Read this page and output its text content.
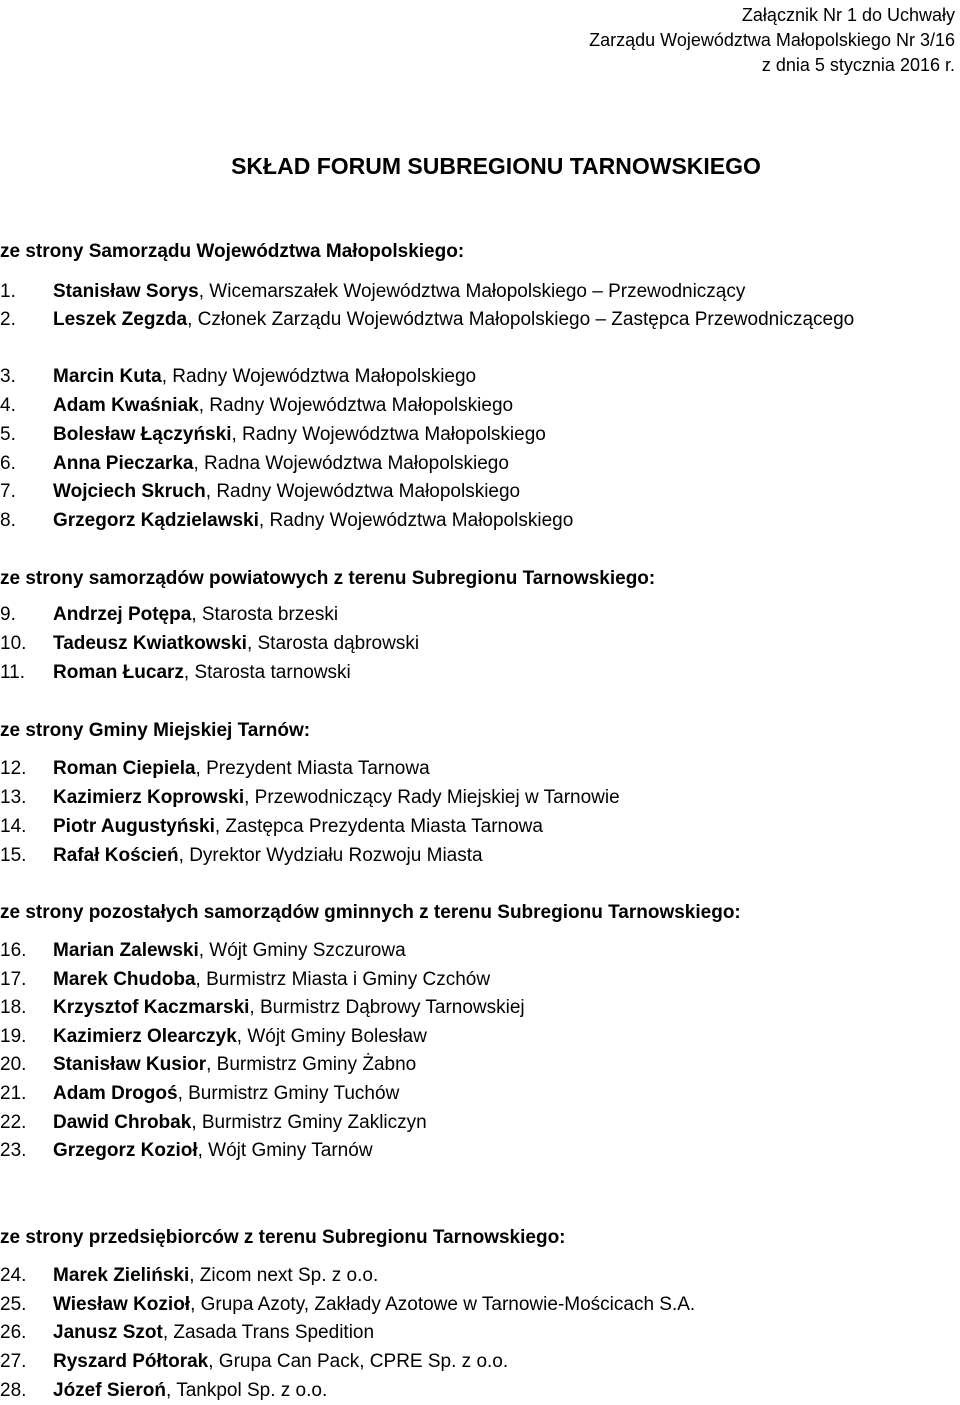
Załącznik Nr 1 do Uchwały
Zarządu Województwa Małopolskiego Nr 3/16
z dnia 5 stycznia 2016 r.
SKŁAD FORUM SUBREGIONU TARNOWSKIEGO
ze strony Samorządu Województwa Małopolskiego:
1. Stanisław Sorys, Wicemarszałek Województwa Małopolskiego – Przewodniczący
2. Leszek Zegzda, Członek Zarządu Województwa Małopolskiego – Zastępca Przewodniczącego
3. Marcin Kuta, Radny Województwa Małopolskiego
4. Adam Kwaśniak, Radny Województwa Małopolskiego
5. Bolesław Łączyński, Radny Województwa Małopolskiego
6. Anna Pieczarka, Radna Województwa Małopolskiego
7. Wojciech Skruch, Radny Województwa Małopolskiego
8. Grzegorz Kądzielawski, Radny Województwa Małopolskiego
ze strony samorządów powiatowych z terenu Subregionu Tarnowskiego:
9. Andrzej Potępa, Starosta brzeski
10. Tadeusz Kwiatkowski, Starosta dąbrowski
11. Roman Łucarz, Starosta tarnowski
ze strony Gminy Miejskiej Tarnów:
12. Roman Ciepiela, Prezydent Miasta Tarnowa
13. Kazimierz Koprowski, Przewodniczący Rady Miejskiej w Tarnowie
14. Piotr Augustyński, Zastępca Prezydenta Miasta Tarnowa
15. Rafał Koścień, Dyrektor Wydziału Rozwoju Miasta
ze strony pozostałych samorządów gminnych z terenu Subregionu Tarnowskiego:
16. Marian Zalewski, Wójt Gminy Szczurowa
17. Marek Chudoba, Burmistrz Miasta i Gminy Czchów
18. Krzysztof Kaczmarski, Burmistrz Dąbrowy Tarnowskiej
19. Kazimierz Olearczyk, Wójt Gminy Bolesław
20. Stanisław Kusior, Burmistrz Gminy Żabno
21. Adam Drogoś, Burmistrz Gminy Tuchów
22. Dawid Chrobak, Burmistrz Gminy Zakliczyn
23. Grzegorz Kozioł, Wójt Gminy Tarnów
ze strony przedsiębiorców z terenu Subregionu Tarnowskiego:
24. Marek Zieliński, Zicom next Sp. z o.o.
25. Wiesław Kozioł, Grupa Azoty, Zakłady Azotowe w Tarnowie-Mościcach S.A.
26. Janusz Szot, Zasada Trans Spedition
27. Ryszard Półtorak, Grupa Can Pack, CPRE Sp. z o.o.
28. Józef Sieroń, Tankpol Sp. z o.o.
